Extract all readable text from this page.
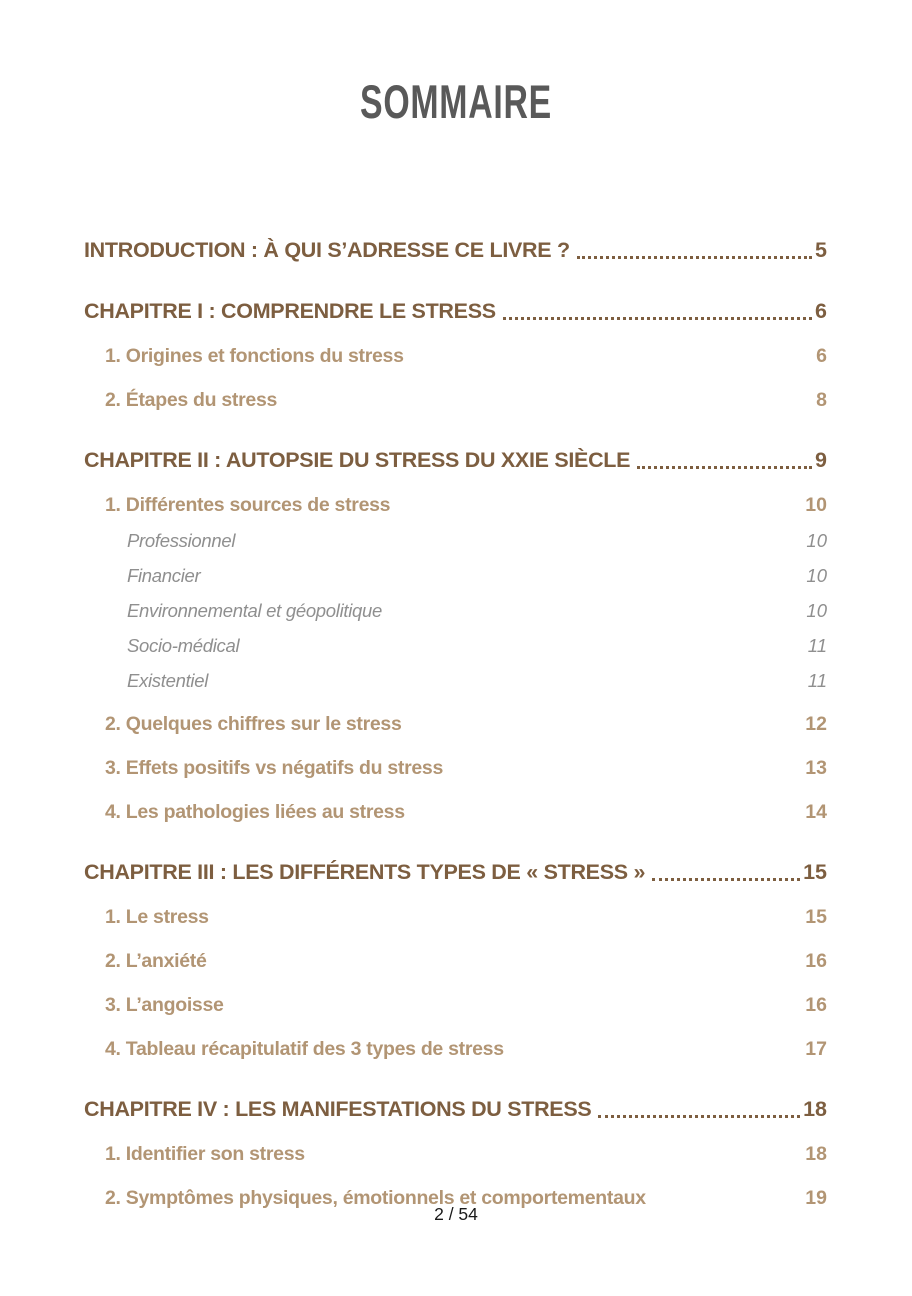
SOMMAIRE
INTRODUCTION : À QUI S’ADRESSE CE LIVRE ?	5
CHAPITRE I : COMPRENDRE LE STRESS	6
1. Origines et fonctions du stress	6
2. Étapes du stress	8
CHAPITRE II : AUTOPSIE DU STRESS DU XXIE SIÈCLE	9
1. Différentes sources de stress	10
Professionnel	10
Financier	10
Environnemental et géopolitique	10
Socio-médical	11
Existentiel	11
2. Quelques chiffres sur le stress	12
3. Effets positifs vs négatifs du stress	13
4. Les pathologies liées au stress	14
CHAPITRE III : LES DIFFÉRENTS TYPES DE « STRESS »	15
1. Le stress	15
2. L’anxiété	16
3. L’angoisse	16
4. Tableau récapitulatif des 3 types de stress	17
CHAPITRE IV : LES MANIFESTATIONS DU STRESS	18
1. Identifier son stress	18
2. Symptômes physiques, émotionnels et comportementaux	19
2 / 54
